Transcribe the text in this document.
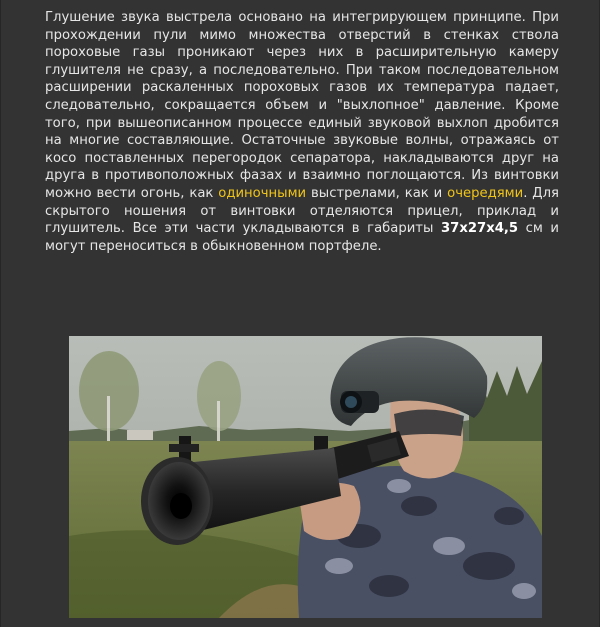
Глушение звука выстрела основано на интегрирующем принципе. При прохождении пули мимо множества отверстий в стенках ствола пороховые газы проникают через них в расширительную камеру глушителя не сразу, а последовательно. При таком последовательном расширении раскаленных пороховых газов их температура падает, следовательно, сокращается объем и "выхлопное" давление. Кроме того, при вышеописанном процессе единый звуковой выхлоп дробится на многие составляющие. Остаточные звуковые волны, отражаясь от косо поставленных перегородок сепаратора, накладываются друг на друга в противоположных фазах и взаимно поглощаются. Из винтовки можно вести огонь, как одиночными выстрелами, как и очередями. Для скрытого ношения от винтовки отделяются прицел, приклад и глушитель. Все эти части укладываются в габариты 37x27x4,5 см и могут переноситься в обыкновенном портфеле.
